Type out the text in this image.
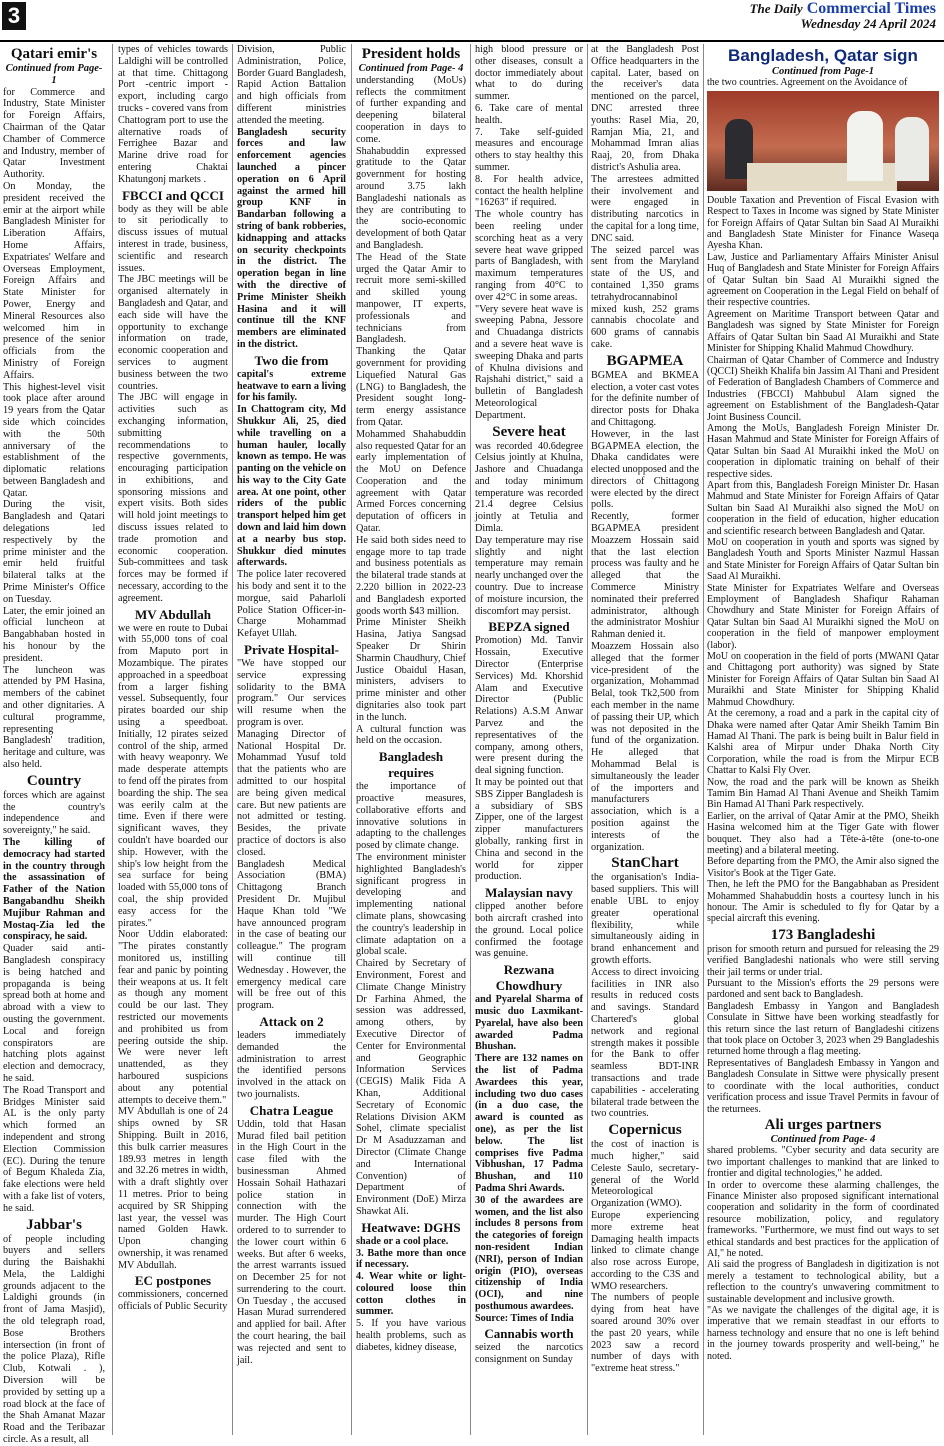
3	The Daily Commercial Times
Wednesday 24 April 2024
Qatari emir's
Continued from Page-1

for Commerce and Industry, State Minister for Foreign Affairs, Chairman of the Qatar Chamber of Commerce and Industry, member of Qatar Investment Authority.

On Monday, the president received the emir at the airport while Bangladesh Minister for Liberation Affairs, Home Affairs, Expatriates' Welfare and Overseas Employment, Foreign Affairs and State Minister for Power, Energy and Mineral Resources also welcomed him in presence of the senior officials from the Ministry of Foreign Affairs.

This highest-level visit took place after around 19 years from the Qatar side which coincides with the 50th anniversary of the establishment of the diplomatic relations between Bangladesh and Qatar.

During the visit, Bangladesh and Qatari delegations led respectively by the prime minister and the emir held fruitful bilateral talks at the Prime Minister's Office on Tuesday.

Later, the emir joined an official luncheon at Bangabhaban hosted in his honour by the president.

The luncheon was attended by PM Hasina, members of the cabinet and other dignitaries. A cultural programme, representing Bangladesh' tradition, heritage and culture, was also held.

Country

forces which are against the country's independence and sovereignty," he said.

The killing of democracy had started in the country through the assassination of Father of the Nation Bangabandhu Sheikh Mujibur Rahman and Mostaq-Zia led the conspiracy, he said.

Quader said anti-Bangladesh conspiracy is being hatched and propaganda is being spread both at home and abroad with a view to ousting the government. Local and foreign conspirators are hatching plots against election and democracy, he said.

The Road Transport and Bridges Minister said AL is the only party which formed an independent and strong Election Commission (EC). During the tenure of Begum Khaleda Zia, fake elections were held with a fake list of voters, he said.

Jabbar's

of people including buyers and sellers during the Baishakhi Mela, the Laldighi grounds adjacent to the Laldighi grounds (in front of Jama Masjid), the old telegraph road, Bose Brothers intersection (in front of the police Plaza), Rifle Club, Kotwali . ), Diversion will be provided by setting up a road block at the face of the Shah Amanat Mazar Road and the Teribazar circle. As a result, all

types of vehicles towards Laldighi will be controlled at that time. Chittagong Port -centric import -export, including cargo trucks - covered vans from Chattogram port to use the alternative roads of Ferrighee Bazar and Marine drive road for entering Chaktai Khatungonj markets .

FBCCI and QCCI

body as they will be able to sit periodically to discuss issues of mutual interest in trade, business, scientific and research issues.

The JBC meetings will be organised alternately in Bangladesh and Qatar, and each side will have the opportunity to exchange information on trade, economic cooperation and services to augment business between the two countries.

The JBC will engage in activities such as exchanging information, submitting recommendations to respective governments, encouraging participation in exhibitions, and sponsoring missions and expert visits. Both sides will hold joint meetings to discuss issues related to trade promotion and economic cooperation. Sub-committees and task forces may be formed if necessary, according to the agreement.

MV Abdullah

we were en route to Dubai with 55,000 tons of coal from Maputo port in Mozambique. The pirates approached in a speedboat from a larger fishing vessel. Subsequently, four pirates boarded our ship using a speedboat. Initially, 12 pirates seized control of the ship, armed with heavy weaponry. We made desperate attempts to fend off the pirates from boarding the ship. The sea was eerily calm at the time. Even if there were significant waves, they couldn't have boarded our ship. However, with the ship's low height from the sea surface for being loaded with 55,000 tons of coal, the ship provided easy access for the pirates."

Noor Uddin elaborated: "The pirates constantly monitored us, instilling fear and panic by pointing their weapons at us. It felt as though any moment could be our last. They restricted our movements and prohibited us from peering outside the ship. We were never left unattended, as they harboured suspicions about any potential attempts to deceive them."

MV Abdullah is one of 24 ships owned by SR Shipping. Built in 2016, this bulk carrier measures 189.93 metres in length and 32.26 metres in width, with a draft slightly over 11 metres. Prior to being acquired by SR Shipping last year, the vessel was named Golden Hawk. Upon changing ownership, it was renamed MV Abdullah.

EC postpones

commissioners, concerned officials of Public Security

Division, Public Administration, Police, Border Guard Bangladesh, Rapid Action Battalion and high officials from different ministries attended the meeting.

Bangladesh security forces and law enforcement agencies launched a pincer operation on 6 April against the armed hill group KNF in Bandarban following a string of bank robberies, kidnapping and attacks on security checkpoints in the district. The operation began in line with the directive of Prime Minister Sheikh Hasina and it will continue till the KNF members are eliminated in the district.

Two die from

capital's extreme heatwave to earn a living for his family.

In Chattogram city, Md Shukkur Ali, 25, died while travelling on a human hauler, locally known as tempo. He was panting on the vehicle on his way to the City Gate area. At one point, other riders of the public transport helped him get down and laid him down at a nearby bus stop. Shukkur died minutes afterwards.

The police later recovered his body and sent it to the morgue, said Paharloli Police Station Officer-in-Charge Mohammad Kefayet Ullah.

Private Hospital-

"We have stopped our service expressing solidarity to the BMA program." Our services will resume when the program is over.

Managing Director of National Hospital Dr. Mohammad Yusuf told that the patients who are admitted to our hospital are being given medical care. But new patients are not admitted or testing. Besides, the private practice of doctors is also closed.

Bangladesh Medical Association (BMA) Chittagong Branch President Dr. Mujibul Haque Khan told "We have announced program in the case of beating our colleague." The program will continue till Wednesday . However, the emergency medical care will be free out of this program.

Attack on 2

leaders immediately demanded the administration to arrest the identified persons involved in the attack on two journalists.

Chatra League

Uddin, told that Hasan Murad filed bail petition in the High Court in the case filed with the businessman Ahmed Hossain Sohail Hathazari police station in connection with the murder. The High Court ordered to to surrender to the lower court within 6 weeks. But after 6 weeks, the arrest warrants issued on December 25 for not surrendering to the court. On Tuesday , the accused Hasan Murad surrendered and applied for bail. After the court hearing, the bail was rejected and sent to jail.

President holds
Continued from Page- 4

understanding (MoUs) reflects the commitment of further expanding and deepening bilateral cooperation in days to come.

Shahabuddin expressed gratitude to the Qatar government for hosting around 3.75 lakh Bangladeshi nationals as they are contributing to the socio-economic development of both Qatar and Bangladesh.

The Head of the State urged the Qatar Amir to recruit more semi-skilled and skilled young manpower, IT experts, professionals and technicians from Bangladesh.

Thanking the Qatar government for providing Liquefied Natural Gas (LNG) to Bangladesh, the President sought long-term energy assistance from Qatar.

Mohammed Shahabuddin also requested Qatar for an early implementation of the MoU on Defence Cooperation and the agreement with Qatar Armed Forces concerning deputation of officers in Qatar.

He said both sides need to engage more to tap trade and business potentials as the bilateral trade stands at 2.220 billion in 2022-23 and Bangladesh exported goods worth $43 million.

Prime Minister Sheikh Hasina, Jatiya Sangsad Speaker Dr Shirin Sharmin Chaudhury, Chief Justice Obaidul Hasan, ministers, advisers to prime minister and other dignitaries also took part in the lunch.

A cultural function was held on the occasion.

Bangladesh requires

the importance of proactive measures, collaborative efforts and innovative solutions in adapting to the challenges posed by climate change.

The environment minister highlighted Bangladesh's significant progress in developing and implementing national climate plans, showcasing the country's leadership in climate adaptation on a global scale.

Chaired by Secretary of Environment, Forest and Climate Change Ministry Dr Farhina Ahmed, the session was addressed, among others, by Executive Director of Center for Environmental and Geographic Information Services (CEGIS) Malik Fida A Khan, Additional Secretary of Economic Relations Division AKM Sohel, climate specialist Dr M Asaduzzaman and Director (Climate Change and International Convention) of Department of Environment (DoE) Mirza Shawkat Ali.

Heatwave: DGHS

shade or a cool place.

3. Bathe more than once if necessary.

4. Wear white or light-coloured loose thin cotton clothes in summer.

5. If you have various health problems, such as diabetes, kidney disease,

high blood pressure or other diseases, consult a doctor immediately about what to do during summer.

6. Take care of mental health.

7. Take self-guided measures and encourage others to stay healthy this summer.

8. For health advice, contact the health helpline "16263" if required.

The whole country has been reeling under scorching heat as a very severe heat wave gripped parts of Bangladesh, with maximum temperatures ranging from 40°C to over 42°C in some areas.

"Very severe heat wave is sweeping Pabna, Jessore and Chuadanga districts and a severe heat wave is sweeping Dhaka and parts of Khulna divisions and Rajshahi district," said a bulletin of Bangladesh Meteorological Department.

Severe heat

was recorded 40.6degree Celsius jointly at Khulna, Jashore and Chuadanga and today minimum temperature was recorded 21.4 degree Celsius jointly at Tetulia and Dimla.

Day temperature may rise slightly and night temperature may remain nearly unchanged over the country. Due to increase of moisture incursion, the discomfort may persist.

BEPZA signed

Promotion) Md. Tanvir Hossain, Executive Director (Enterprise Services) Md. Khorshid Alam and Executive Director (Public Relations) A.S.M Anwar Parvez and the representatives of the company, among others, were present during the deal signing function.

It may be pointed out that SBS Zipper Bangladesh is a subsidiary of SBS Zipper, one of the largest zipper manufacturers globally, ranking first in China and second in the world for zipper production.

Malaysian navy

clipped another before both aircraft crashed into the ground. Local police confirmed the footage was genuine.

Rezwana Chowdhury

and Pyarelal Sharma of music duo Laxmikant-Pyarelal, have also been awarded Padma Bhushan.

There are 132 names on the list of Padma Awardees this year, including two duo cases (in a duo case, the award is counted as one), as per the list below. The list comprises five Padma Vibhushan, 17 Padma Bhushan, and 110 Padma Shri Awards.

30 of the awardees are women, and the list also includes 8 persons from the categories of foreign non-resident Indian (NRI), person of Indian origin (PIO), overseas citizenship of India (OCI), and nine posthumous awardees.

Source: Times of India

Cannabis worth

seized the narcotics consignment on Sunday

at the Bangladesh Post Office headquarters in the capital. Later, based on the receiver's data mentioned on the parcel, DNC arrested three youths: Rasel Mia, 20, Ramjan Mia, 21, and Mohammad Imran alias Raaj, 20, from Dhaka district's Ashulia area.

The arrestees admitted their involvement and were engaged in distributing narcotics in the capital for a long time, DNC said.

The seized parcel was sent from the Maryland state of the US, and contained 1,350 grams tetrahydrocannabinol mixed kush, 252 grams cannabis chocolate and 600 grams of cannabis cake.

BGAPMEA

BGMEA and BKMEA election, a voter cast votes for the definite number of director posts for Dhaka and Chittagong.

However, in the last BGAPMEA election, the Dhaka candidates were elected unopposed and the directors of Chittagong were elected by the direct polls.

Recently, former BGAPMEA president Moazzem Hossain said that the last election process was faulty and he alleged that the Commerce Ministry nominated their preferred administrator, although the administrator Moshiur Rahman denied it.

Moazzem Hossain also alleged that the former vice-president of the organization, Mohammad Belal, took Tk2,500 from each member in the name of passing their UP, which was not deposited in the fund of the organization. He alleged that Mohammad Belal is simultaneously the leader of the importers and manufacturers association, which is a position against the interests of the organization.

StanChart

the organisation's India-based suppliers. This will enable UBL to enjoy greater operational flexibility, while simultaneously aiding in brand enhancement and growth efforts.

Access to direct invoicing facilities in INR also results in reduced costs and savings. Standard Chartered's global network and regional strength makes it possible for the Bank to offer seamless BDT-INR transactions and trade capabilities - accelerating bilateral trade between the two countries.

Copernicus

the cost of inaction is much higher," said Celeste Saulo, secretary-general of the World Meteorological Organization (WMO).

Europe experiencing more extreme heat Damaging health impacts linked to climate change also rose across Europe, according to the C3S and WMO researchers.

The numbers of people dying from heat have soared around 30% over the past 20 years, while 2023 saw a record number of days with "extreme heat stress."

Bangladesh, Qatar sign
Continued from Page-1

the two countries. Agreement on the Avoidance of

Double Taxation and Prevention of Fiscal Evasion with Respect to Taxes in Income was signed by State Minister for Foreign Affairs of Qatar Sultan bin Saad Al Muraikhi and Bangladesh State Minister for Finance Waseqa Ayesha Khan.

Law, Justice and Parliamentary Affairs Minister Anisul Huq of Bangladesh and State Minister for Foreign Affairs of Qatar Sultan bin Saad Al Muraikhi signed the agreement on Cooperation in the Legal Field on behalf of their respective countries.

Agreement on Maritime Transport between Qatar and Bangladesh was signed by State Minister for Foreign Affairs of Qatar Sultan bin Saad Al Muraikhi and State Minister for Shipping Khalid Mahmud Chowdhury.

Chairman of Qatar Chamber of Commerce and Industry (QCCI) Sheikh Khalifa bin Jassim Al Thani and President of Federation of Bangladesh Chambers of Commerce and Industries (FBCCI) Mahbubul Alam signed the agreement on Establishment of the Bangladesh-Qatar Joint Business Council.

Among the MoUs, Bangladesh Foreign Minister Dr. Hasan Mahmud and State Minister for Foreign Affairs of Qatar Sultan bin Saad Al Muraikhi inked the MoU on cooperation in diplomatic training on behalf of their respective sides.

Apart from this, Bangladesh Foreign Minister Dr. Hasan Mahmud and State Minister for Foreign Affairs of Qatar Sultan bin Saad Al Muraikhi also signed the MoU on cooperation in the field of education, higher education and scientific research between Bangladesh and Qatar.

MoU on cooperation in youth and sports was signed by Bangladesh Youth and Sports Minister Nazmul Hassan and State Minister for Foreign Affairs of Qatar Sultan bin Saad Al Muraikhi.

State Minister for Expatriates Welfare and Overseas Employment of Bangladesh Shafiqur Rahaman Chowdhury and State Minister for Foreign Affairs of Qatar Sultan bin Saad Al Muraikhi signed the MoU on cooperation in the field of manpower employment (labor).

MoU on cooperation in the field of ports (MWANI Qatar and Chittagong port authority) was signed by State Minister for Foreign Affairs of Qatar Sultan bin Saad Al Muraikhi and State Minister for Shipping Khalid Mahmud Chowdhury.

At the ceremony, a road and a park in the capital city of Dhaka were named after Qatar Amir Sheikh Tamim Bin Hamad Al Thani. The park is being built in Balur field in Kalshi area of Mirpur under Dhaka North City Corporation, while the road is from the Mirpur ECB Chattar to Kalsi Fly Over.

Now, the road and the park will be known as Sheikh Tamim Bin Hamad Al Thani Avenue and Sheikh Tamim Bin Hamad Al Thani Park respectively.

Earlier, on the arrival of Qatar Amir at the PMO, Sheikh Hasina welcomed him at the Tiger Gate with flower bouquet. They also had a Tête-à-tête (one-to-one meeting) and a bilateral meeting.

Before departing from the PMO, the Amir also signed the Visitor's Book at the Tiger Gate.

Then, he left the PMO for the Bangabhaban as President Mohammed Shahabuddin hosts a courtesy lunch in his honour. The Amir is scheduled to fly for Qatar by a special aircraft this evening.

173 Bangladeshi

prison for smooth return and pursued for releasing the 29 verified Bangladeshi nationals who were still serving their jail terms or under trial.

Pursuant to the Mission's efforts the 29 persons were pardoned and sent back to Bangladesh.

Bangladesh Embassy in Yangon and Bangladesh Consulate in Sittwe have been working steadfastly for this return since the last return of Bangladeshi citizens that took place on October 3, 2023 when 29 Bangladeshis returned home through a flag meeting.

Representatives of Bangladesh Embassy in Yangon and Bangladesh Consulate in Sittwe were physically present to coordinate with the local authorities, conduct verification process and issue Travel Permits in favour of the returnees.

Ali urges partners
Continued from Page- 4

shared problems. "Cyber security and data security are two important challenges to mankind that are linked to frontier and digital technologies," he added.

In order to overcome these alarming challenges, the Finance Minister also proposed significant international cooperation and solidarity in the form of coordinated resource mobilization, policy, and regulatory frameworks. "Furthermore, we must find out ways to set ethical standards and best practices for the application of AI," he noted.

Ali said the progress of Bangladesh in digitization is not merely a testament to technological ability, but a reflection to the country's unwavering commitment to sustainable development and inclusive growth.

"As we navigate the challenges of the digital age, it is imperative that we remain steadfast in our efforts to harness technology and ensure that no one is left behind in the journey towards prosperity and well-being," he noted.
